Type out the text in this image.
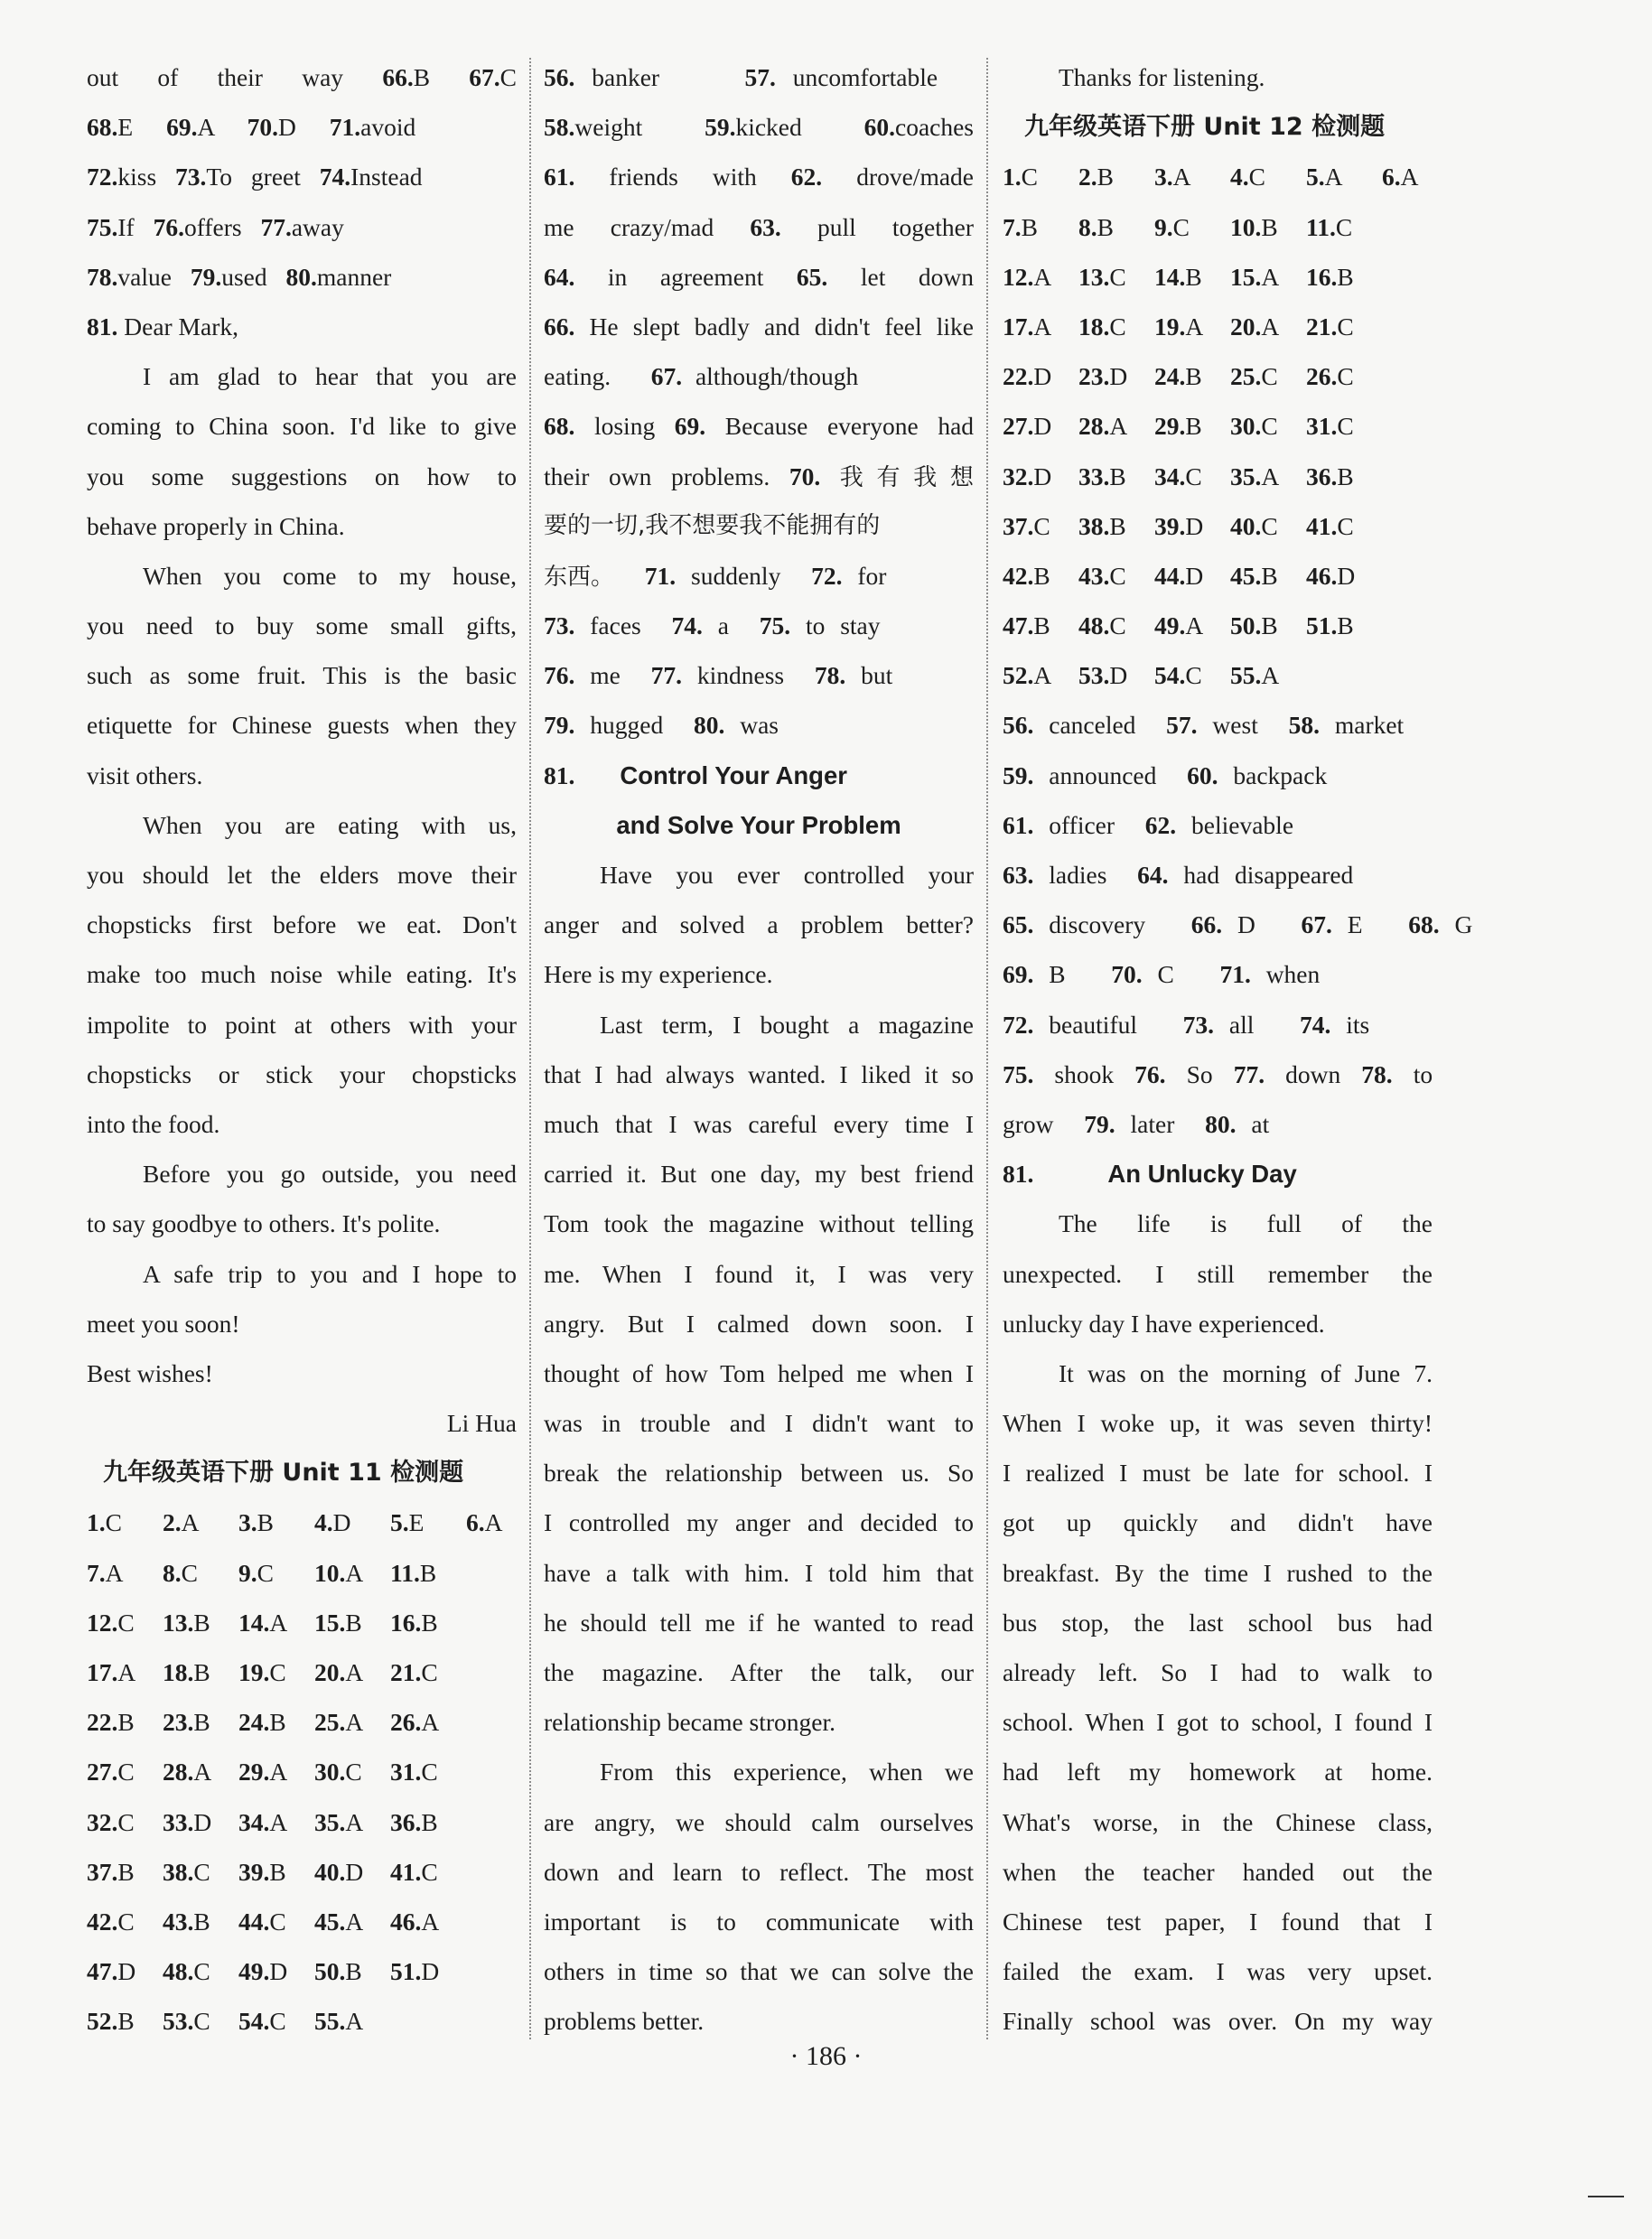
out of their way 66.B 67.C
68.E 69.A 70.D 71.avoid
72.kiss 73.To greet 74.Instead
75.If 76.offers 77.away
78.value 79.used 80.manner
81. Dear Mark,
I am glad to hear that you are
coming to China soon. I'd like to give
you some suggestions on how to
behave properly in China.
When you come to my house,
you need to buy some small gifts,
such as some fruit. This is the basic
etiquette for Chinese guests when they
visit others.
When you are eating with us,
you should let the elders move their
chopsticks first before we eat. Don't
make too much noise while eating. It's
impolite to point at others with your
chopsticks or stick your chopsticks
into the food.
Before you go outside, you need
to say goodbye to others. It's polite.
A safe trip to you and I hope to
meet you soon!
Best wishes!
Li Hua
九年级英语下册 Unit 11 检测题
1.C 2.A 3.B 4.D 5.E 6.A
7.A 8.C 9.C 10.A 11.B
12.C 13.B 14.A 15.B 16.B
17.A 18.B 19.C 20.A 21.C
22.B 23.B 24.B 25.A 26.A
27.C 28.A 29.A 30.C 31.C
32.C 33.D 34.A 35.A 36.B
37.B 38.C 39.B 40.D 41.C
42.C 43.B 44.C 45.A 46.A
47.D 48.C 49.D 50.B 51.D
52.B 53.C 54.C 55.A
56. banker	57. uncomfortable
58.weight	59.kicked	60.coaches
61. friends with 62. drove/made
me crazy/mad 63. pull together
64. in agreement 65. let down
66. He slept badly and didn't feel like
eating. 67. although/though
68. losing 69. Because everyone had
their own problems. 70. 我有我想
要的一切,我不想要我不能拥有的
东西。 71. suddenly 72. for
73. faces 74. a 75. to stay
76. me 77. kindness 78. but
79. hugged 80. was
81. Control Your Anger
and Solve Your Problem
Have you ever controlled your
anger and solved a problem better?
Here is my experience.
Last term, I bought a magazine
that I had always wanted. I liked it so
much that I was careful every time I
carried it. But one day, my best friend
Tom took the magazine without telling
me. When I found it, I was very
angry. But I calmed down soon. I
thought of how Tom helped me when I
was in trouble and I didn't want to
break the relationship between us. So
I controlled my anger and decided to
have a talk with him. I told him that
he should tell me if he wanted to read
the magazine. After the talk, our
relationship became stronger.
From this experience, when we
are angry, we should calm ourselves
down and learn to reflect. The most
important is to communicate with
others in time so that we can solve the
problems better.
Thanks for listening.
九年级英语下册 Unit 12 检测题
1.C 2.B 3.A 4.C 5.A 6.A
7.B 8.B 9.C 10.B 11.C
12.A 13.C 14.B 15.A 16.B
17.A 18.C 19.A 20.A 21.C
22.D 23.D 24.B 25.C 26.C
27.D 28.A 29.B 30.C 31.C
32.D 33.B 34.C 35.A 36.B
37.C 38.B 39.D 40.C 41.C
42.B 43.C 44.D 45.B 46.D
47.B 48.C 49.A 50.B 51.B
52.A 53.D 54.C 55.A
56. canceled 57. west 58. market
59. announced 60. backpack
61. officer 62. believable
63. ladies 64. had disappeared
65. discovery 66. D 67. E 68. G
69. B 70. C 71. when
72. beautiful 73. all 74. its
75. shook 76. So 77. down 78. to
grow 79. later 80. at
81.	An Unlucky Day
The life is full of the
unexpected. I still remember the
unlucky day I have experienced.
It was on the morning of June 7.
When I woke up, it was seven thirty!
I realized I must be late for school. I
got up quickly and didn't have
breakfast. By the time I rushed to the
bus stop, the last school bus had
already left. So I had to walk to
school. When I got to school, I found I
had left my homework at home.
What's worse, in the Chinese class,
when the teacher handed out the
Chinese test paper, I found that I
failed the exam. I was very upset.
Finally school was over. On my way
· 186 ·
